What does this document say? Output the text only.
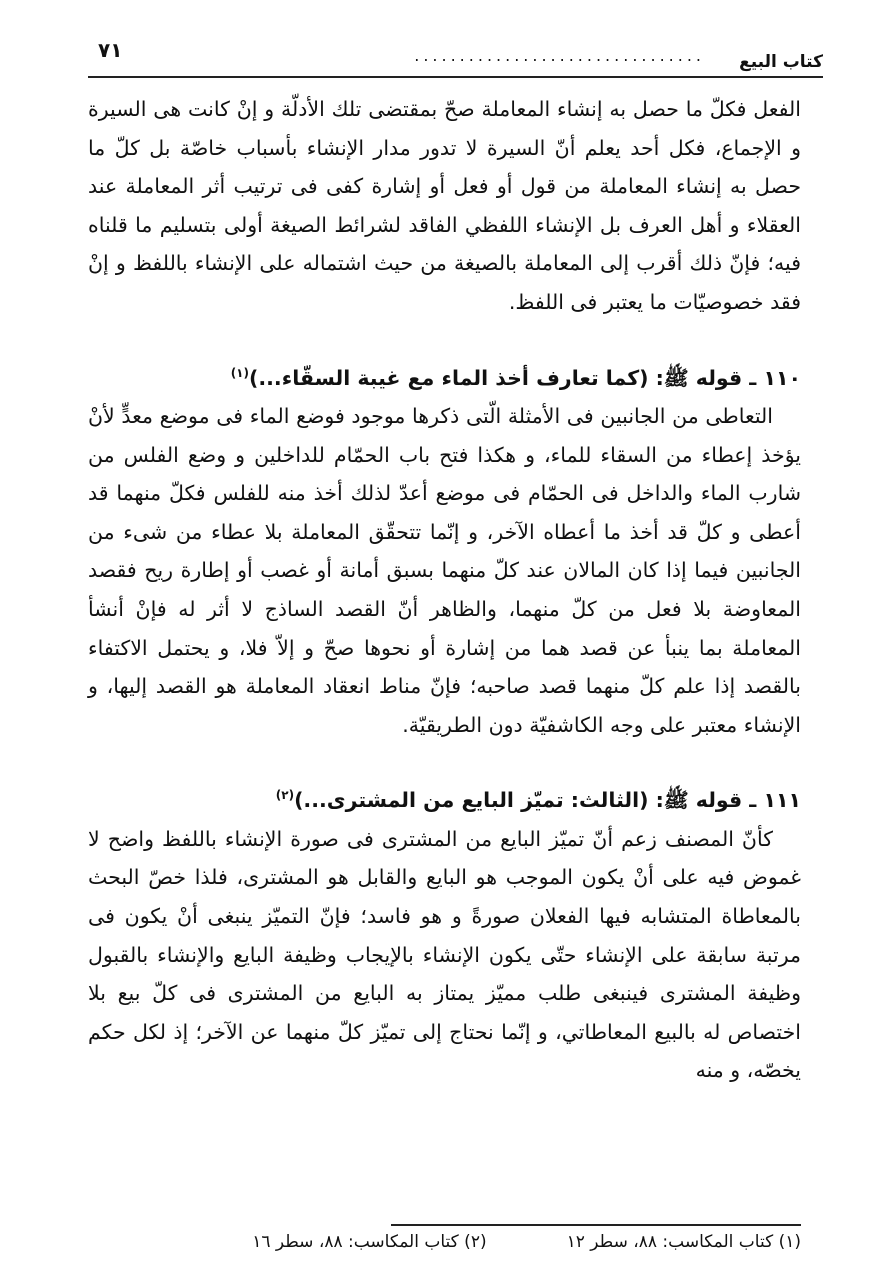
كتاب البيع
................................
٧١

الفعل فكلّ ما حصل به إنشاء المعاملة صحّ بمقتضى تلك الأدلّة و إنْ كانت هى السيرة و الإجماع، فكل أحد يعلم أنّ السيرة لا تدور مدار الإنشاء بأسباب خاصّة بل كلّ ما حصل به إنشاء المعاملة من قول أو فعل أو إشارة كفى فى ترتيب أثر المعاملة عند العقلاء و أهل العرف بل الإنشاء اللفظي الفاقد لشرائط الصيغة أولى بتسليم ما قلناه فيه؛ فإنّ ذلك أقرب إلى المعاملة بالصيغة من حيث اشتماله على الإنشاء باللفظ و إنْ فقد خصوصيّات ما يعتبر فى اللفظ.

١١٠ ـ قوله ﷺ: (كما تعارف أخذ الماء مع غيبة السقّاء...)$^{(١)}$

التعاطى من الجانبين فى الأمثلة الّتى ذكرها موجود فوضع الماء فى موضع معدٍّ لأنْ يؤخذ إعطاء من السقاء للماء، و هكذا فتح باب الحمّام للداخلين و وضع الفلس من شارب الماء والداخل فى الحمّام فى موضع أعدّ لذلك أخذ منه للفلس فكلّ منهما قد أعطى و كلّ قد أخذ ما أعطاه الآخر، و إنّما تتحقّق المعاملة بلا عطاء من شىء من الجانبين فيما إذا كان المالان عند كلّ منهما بسبق أمانة أو غصب أو إطارة ريح فقصد المعاوضة بلا فعل من كلّ منهما، والظاهر أنّ القصد الساذج لا أثر له فإنْ أنشأ المعاملة بما ينبأ عن قصد هما من إشارة أو نحوها صحّ و إلاّ فلا، و يحتمل الاكتفاء بالقصد إذا علم كلّ منهما قصد صاحبه؛ فإنّ مناط انعقاد المعاملة هو القصد إليها، و الإنشاء معتبر على وجه الكاشفيّة دون الطريقيّة.

١١١ ـ قوله ﷺ: (الثالث: تميّز البايع من المشترى...)$^{(٢)}$

كأنّ المصنف زعم أنّ تميّز البايع من المشترى فى صورة الإنشاء باللفظ واضح لا غموض فيه على أنْ يكون الموجب هو البايع والقابل هو المشترى، فلذا خصّ البحث بالمعاطاة المتشابه فيها الفعلان صورةً و هو فاسد؛ فإنّ التميّز ينبغى أنْ يكون فى مرتبة سابقة على الإنشاء حتّى يكون الإنشاء بالإيجاب وظيفة البايع والإنشاء بالقبول وظيفة المشترى فينبغى طلب مميّز يمتاز به البايع من المشترى فى كلّ بيع بلا اختصاص له بالبيع المعاطاتي، و إنّما نحتاج إلى تميّز كلّ منهما عن الآخر؛ إذ لكل حكم يخصّه، و منه

(١) كتاب المكاسب: ٨٨، سطر ١٢
(٢) كتاب المكاسب: ٨٨، سطر ١٦
